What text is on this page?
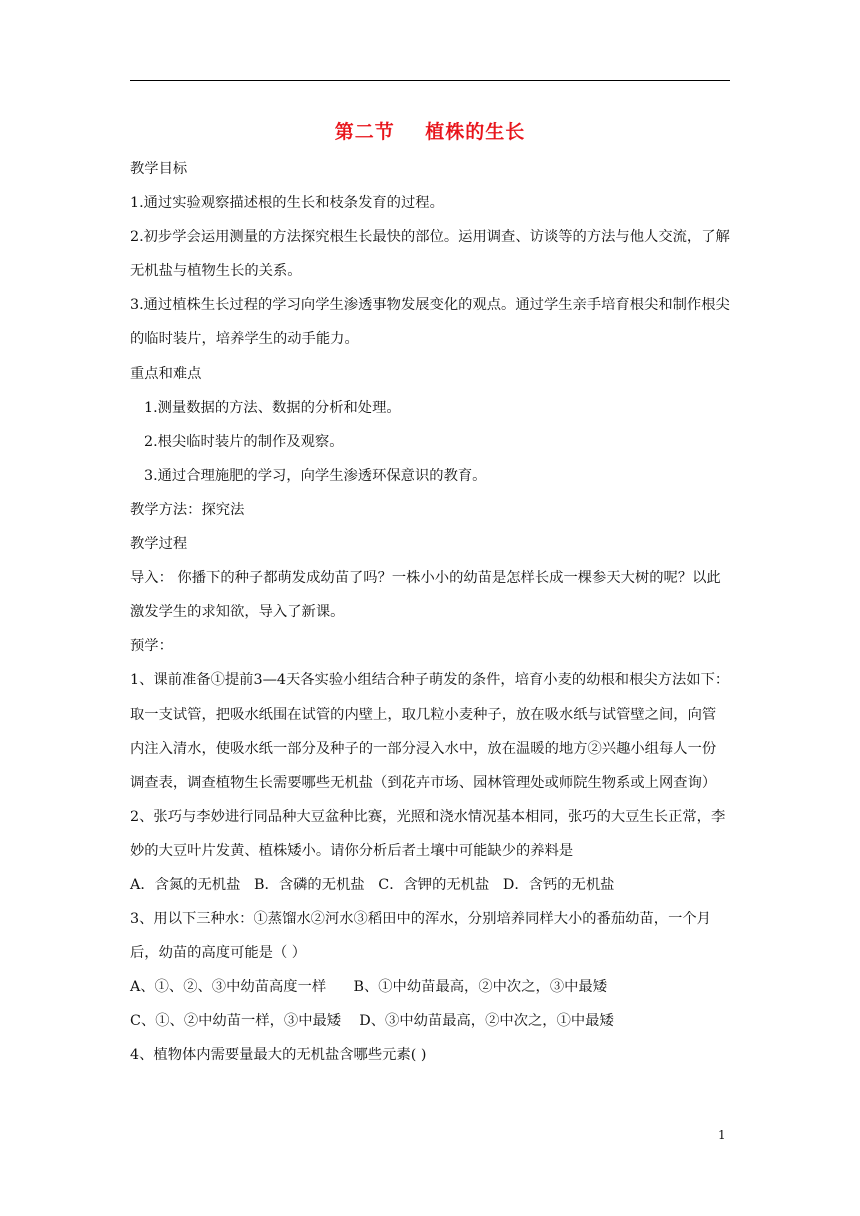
第二节    植株的生长

教学目标

1.通过实验观察描述根的生长和枝条发育的过程。

2.初步学会运用测量的方法探究根生长最快的部位。运用调查、访谈等的方法与他人交流，了解无机盐与植物生长的关系。

3.通过植株生长过程的学习向学生渗透事物发展变化的观点。通过学生亲手培育根尖和制作根尖的临时装片，培养学生的动手能力。

重点和难点

1.测量数据的方法、数据的分析和处理。

2.根尖临时装片的制作及观察。

3.通过合理施肥的学习，向学生渗透环保意识的教育。

教学方法：探究法

教学过程

导入： 你播下的种子都萌发成幼苗了吗？一株小小的幼苗是怎样长成一棵参天大树的呢？以此激发学生的求知欲，导入了新课。

预学：

1、课前准备①提前3—4天各实验小组结合种子萌发的条件，培育小麦的幼根和根尖方法如下：取一支试管，把吸水纸围在试管的内壁上，取几粒小麦种子，放在吸水纸与试管壁之间，向管内注入清水，使吸水纸一部分及种子的一部分浸入水中，放在温暖的地方②兴趣小组每人一份调查表，调查植物生长需要哪些无机盐（到花卉市场、园林管理处或师院生物系或上网查询）

2、张巧与李妙进行同品种大豆盆种比赛，光照和浇水情况基本相同，张巧的大豆生长正常，李妙的大豆叶片发黄、植株矮小。请你分析后者土壤中可能缺少的养料是

A．含氮的无机盐   B．含磷的无机盐   C．含钾的无机盐   D．含钙的无机盐

3、用以下三种水：①蒸馏水②河水③稻田中的浑水，分别培养同样大小的番茄幼苗，一个月后，幼苗的高度可能是（ ）

A、①、②、③中幼苗高度一样      B、①中幼苗最高，②中次之，③中最矮

C、①、②中幼苗一样，③中最矮    D、③中幼苗最高，②中次之，①中最矮

4、植物体内需要量最大的无机盐含哪些元素( )

1
